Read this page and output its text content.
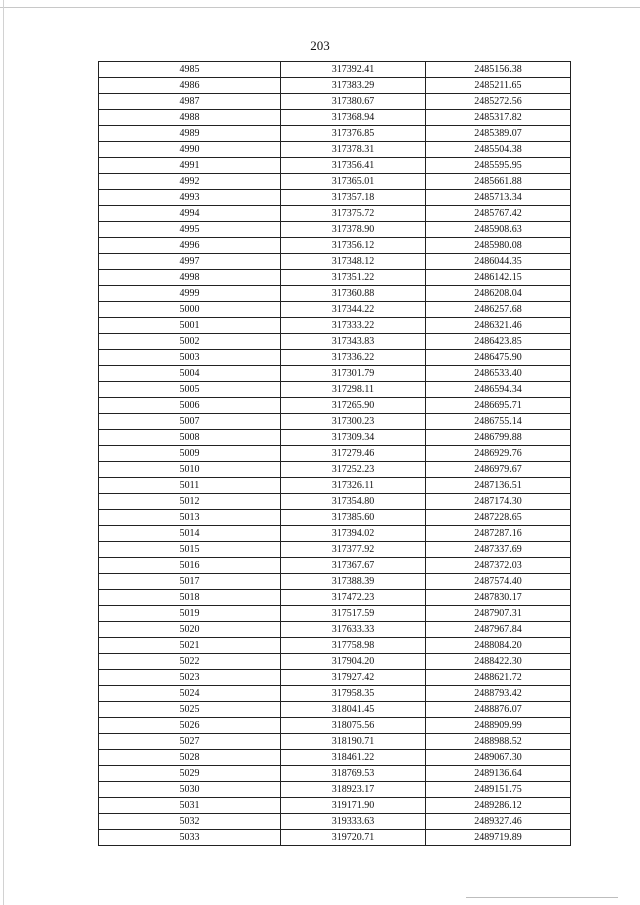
203
4985	317392.41	2485156.38
4986	317383.29	2485211.65
4987	317380.67	2485272.56
4988	317368.94	2485317.82
4989	317376.85	2485389.07
4990	317378.31	2485504.38
4991	317356.41	2485595.95
4992	317365.01	2485661.88
4993	317357.18	2485713.34
4994	317375.72	2485767.42
4995	317378.90	2485908.63
4996	317356.12	2485980.08
4997	317348.12	2486044.35
4998	317351.22	2486142.15
4999	317360.88	2486208.04
5000	317344.22	2486257.68
5001	317333.22	2486321.46
5002	317343.83	2486423.85
5003	317336.22	2486475.90
5004	317301.79	2486533.40
5005	317298.11	2486594.34
5006	317265.90	2486695.71
5007	317300.23	2486755.14
5008	317309.34	2486799.88
5009	317279.46	2486929.76
5010	317252.23	2486979.67
5011	317326.11	2487136.51
5012	317354.80	2487174.30
5013	317385.60	2487228.65
5014	317394.02	2487287.16
5015	317377.92	2487337.69
5016	317367.67	2487372.03
5017	317388.39	2487574.40
5018	317472.23	2487830.17
5019	317517.59	2487907.31
5020	317633.33	2487967.84
5021	317758.98	2488084.20
5022	317904.20	2488422.30
5023	317927.42	2488621.72
5024	317958.35	2488793.42
5025	318041.45	2488876.07
5026	318075.56	2488909.99
5027	318190.71	2488988.52
5028	318461.22	2489067.30
5029	318769.53	2489136.64
5030	318923.17	2489151.75
5031	319171.90	2489286.12
5032	319333.63	2489327.46
5033	319720.71	2489719.89
